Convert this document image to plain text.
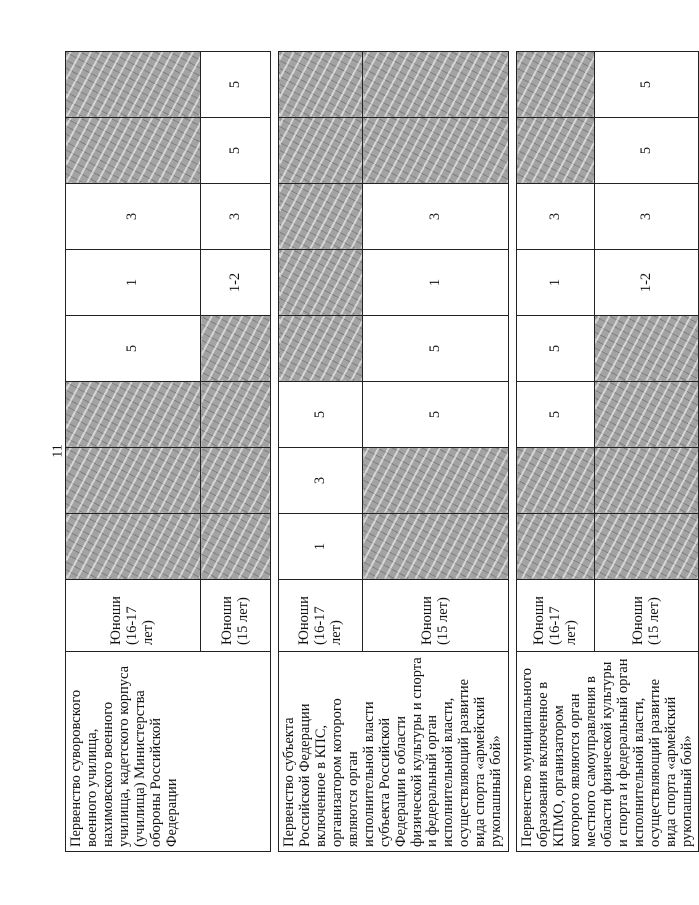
11
Первенство суворовского военного училища, нахимовского военного училища, кадетского корпуса (училища) Министерства обороны Российской Федерации	Юноши (16-17 лет)				5	1	3		
	Юноши (15 лет)					1-2	3	5	5

Первенство субъекта Российской Федерации включенное в КПС, организатором которого являются орган исполнительной власти субъекта Российской Федерации в области физической культуры и спорта и федеральный орган исполнительной власти, осуществляющий развитие вида спорта «армейский рукопашный бой»	Юноши (16-17 лет)	1	3	5					
	Юноши (15 лет)			5	5	1	3		

Первенство муниципального образования включенное в КПМО, организатором которого являются орган местного самоуправления в области физической культуры и спорта и федеральный орган исполнительной власти, осуществляющий развитие вида спорта «армейский рукопашный бой»	Юноши (16-17 лет)			5	5	1	3		
	Юноши (15 лет)					1-2	3	5	5
